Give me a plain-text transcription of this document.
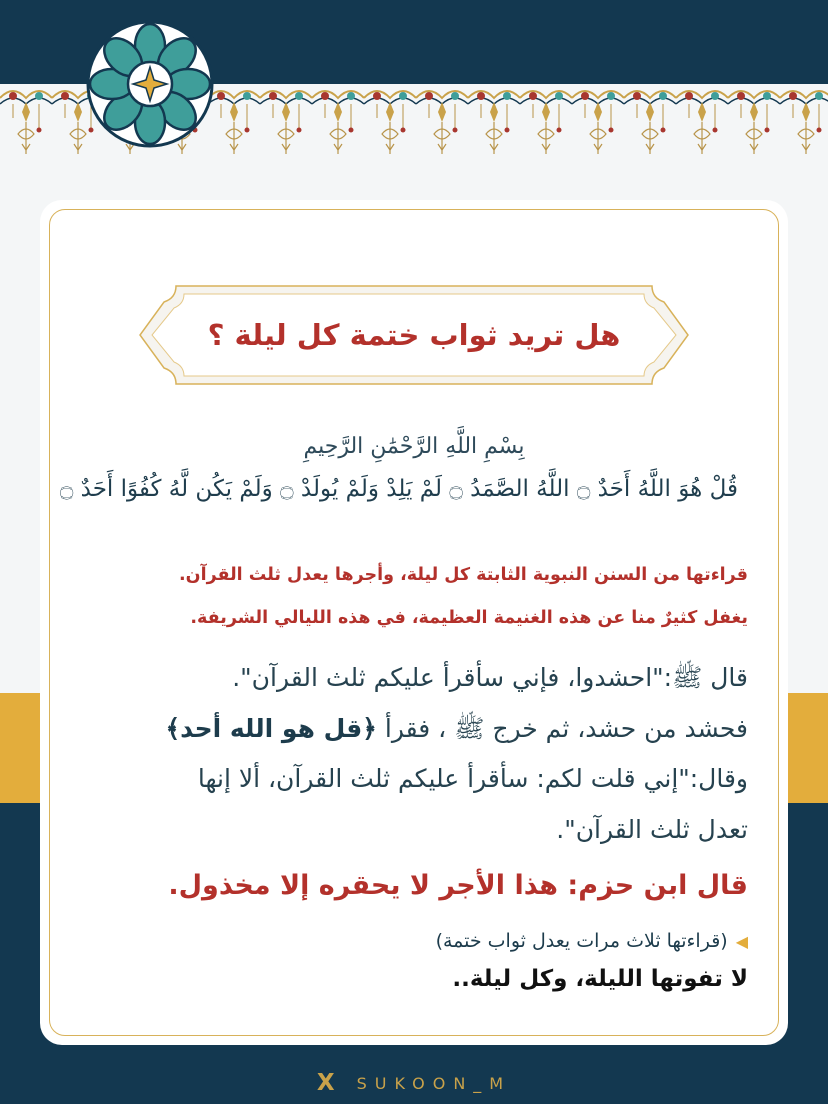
هل تريد ثواب ختمة كل ليلة ؟
بِسْمِ اللَّهِ الرَّحْمَٰنِ الرَّحِيمِ
قُلْ هُوَ اللَّهُ أَحَدٌ ۝ اللَّهُ الصَّمَدُ ۝ لَمْ يَلِدْ وَلَمْ يُولَدْ ۝ وَلَمْ يَكُن لَّهُ كُفُوًا أَحَدٌ ۝
قراءتها من السنن النبوية الثابتة كل ليلة، وأجرها يعدل ثلث القرآن.
يغفل كثيرٌ منا عن هذه الغنيمة العظيمة، في هذه الليالي الشريفة.
قال ﷺ:"احشدوا، فإني سأقرأ عليكم ثلث القرآن".
فحشد من حشد، ثم خرج ﷺ ، فقرأ ﴿قل هو الله أحد﴾
وقال:"إني قلت لكم: سأقرأ عليكم ثلث القرآن، ألا إنها
تعدل ثلث القرآن".
قال ابن حزم: هذا الأجر لا يحقره إلا مخذول.
◀(قراءتها ثلاث مرات يعدل ثواب ختمة)
لا تفوتها الليلة، وكل ليلة..
X SUKOON_M
